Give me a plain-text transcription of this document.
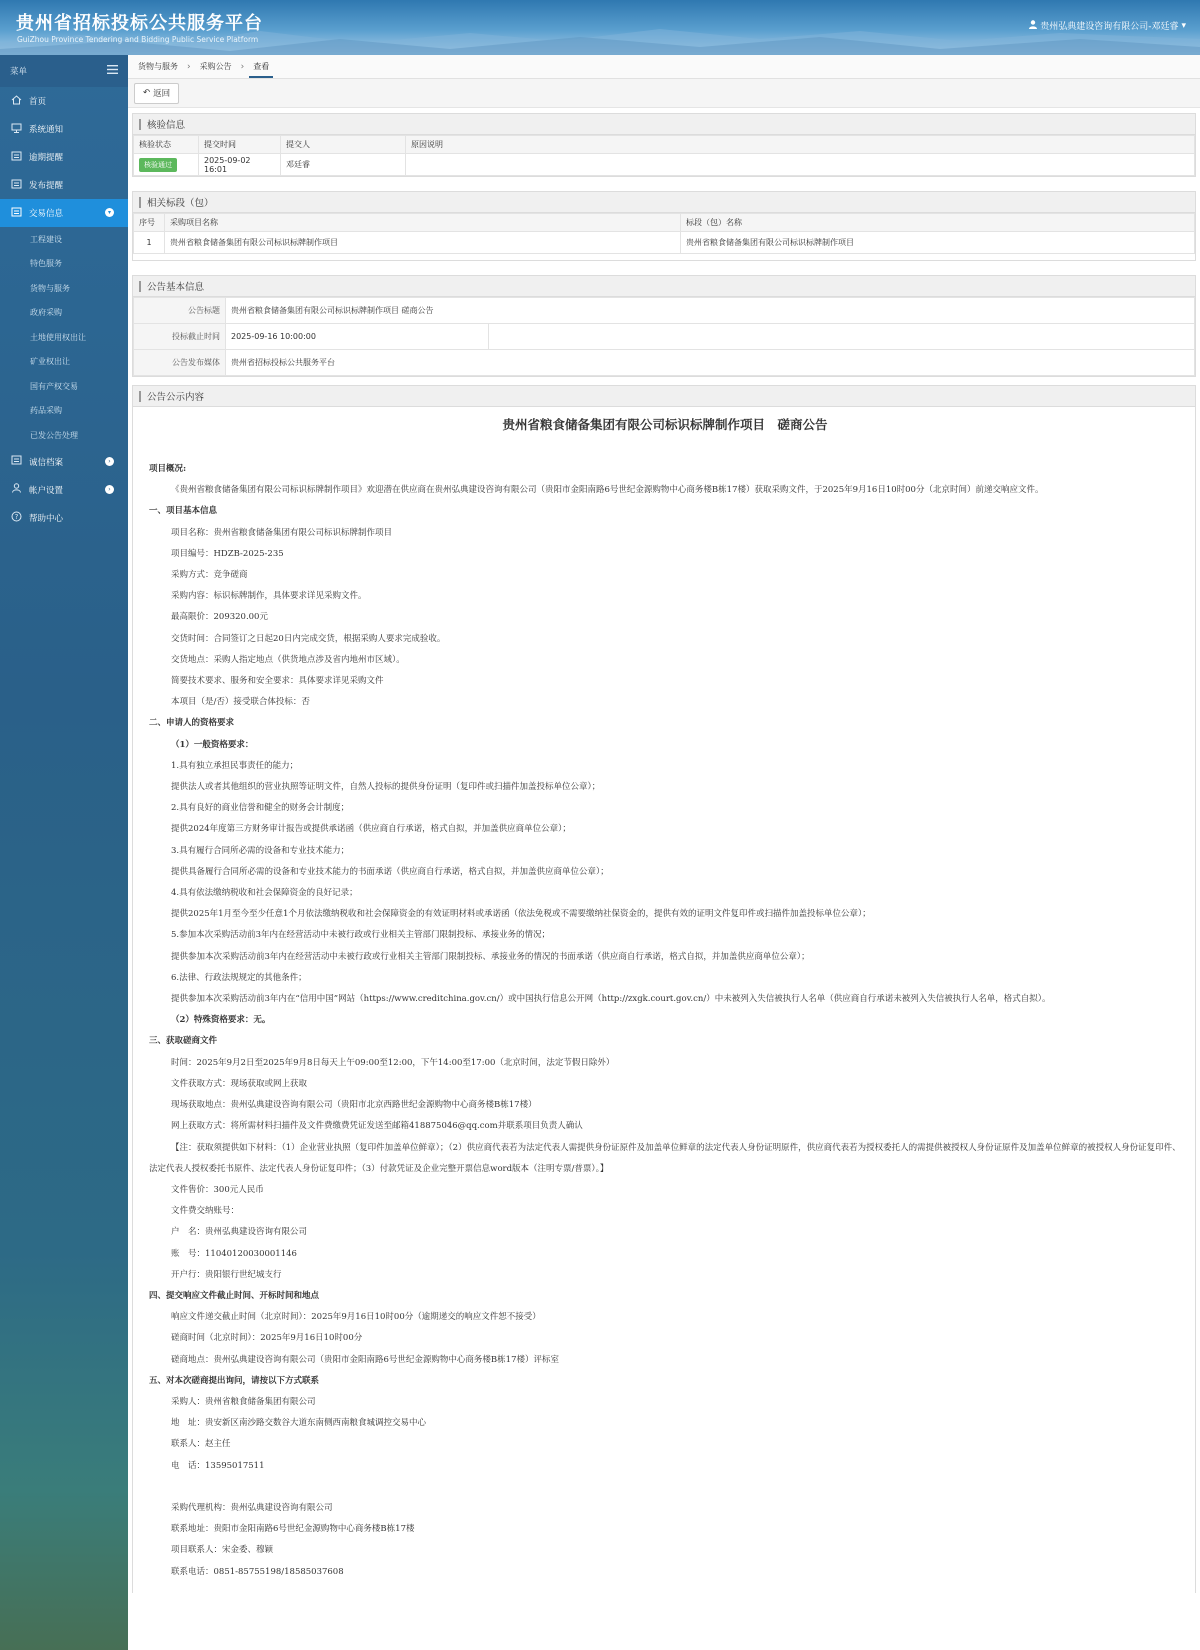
贵州省招标投标公共服务平台
GuiZhou Province Tendering and Bidding Public Service Platform
贵州弘典建设咨询有限公司-邓廷睿 ▾
菜单
首页
系统通知
逾期提醒
发布提醒
交易信息	▾
工程建设
特色服务
货物与服务
政府采购
土地使用权出让
矿业权出让
国有产权交易
药品采购
已发公告处理
诚信档案	›
帐户设置	›
? 帮助中心
货物与服务	›	采购公告	›	查看
↶ 返回
核验信息
核验状态	提交时间	提交人	原因说明
核验通过	2025-09-02 16:01	邓廷睿	
相关标段（包）
序号	采购项目名称	标段（包）名称
1	贵州省粮食储备集团有限公司标识标牌制作项目	贵州省粮食储备集团有限公司标识标牌制作项目
公告基本信息
公告标题	贵州省粮食储备集团有限公司标识标牌制作项目 磋商公告	
投标截止时间	2025-09-16 10:00:00	
公告发布媒体	贵州省招标投标公共服务平台	
公告公示内容
贵州省粮食储备集团有限公司标识标牌制作项目　磋商公告

项目概况:

《贵州省粮食储备集团有限公司标识标牌制作项目》欢迎潜在供应商在贵州弘典建设咨询有限公司（贵阳市金阳南路6号世纪金源购物中心商务楼B栋17楼）获取采购文件，于2025年9月16日10时00分（北京时间）前递交响应文件。

一、项目基本信息

项目名称：贵州省粮食储备集团有限公司标识标牌制作项目

项目编号：HDZB-2025-235

采购方式：竞争磋商

采购内容：标识标牌制作，具体要求详见采购文件。

最高限价：209320.00元

交货时间：合同签订之日起20日内完成交货，根据采购人要求完成验收。

交货地点：采购人指定地点（供货地点涉及省内地州市区域）。

简要技术要求、服务和安全要求：具体要求详见采购文件

本项目（是/否）接受联合体投标：否

二、申请人的资格要求

（1）一般资格要求：

1.具有独立承担民事责任的能力；

提供法人或者其他组织的营业执照等证明文件，自然人投标的提供身份证明（复印件或扫描件加盖投标单位公章）；

2.具有良好的商业信誉和健全的财务会计制度；

提供2024年度第三方财务审计报告或提供承诺函（供应商自行承诺，格式自拟，并加盖供应商单位公章）；

3.具有履行合同所必需的设备和专业技术能力；

提供具备履行合同所必需的设备和专业技术能力的书面承诺（供应商自行承诺，格式自拟，并加盖供应商单位公章）；

4.具有依法缴纳税收和社会保障资金的良好记录；

提供2025年1月至今至少任意1个月依法缴纳税收和社会保障资金的有效证明材料或承诺函（依法免税或不需要缴纳社保资金的，提供有效的证明文件复印件或扫描件加盖投标单位公章）；

5.参加本次采购活动前3年内在经营活动中未被行政或行业相关主管部门限制投标、承接业务的情况；

提供参加本次采购活动前3年内在经营活动中未被行政或行业相关主管部门限制投标、承接业务的情况的书面承诺（供应商自行承诺，格式自拟，并加盖供应商单位公章）；

6.法律、行政法规规定的其他条件；

提供参加本次采购活动前3年内在“信用中国”网站（https://www.creditchina.gov.cn/）或中国执行信息公开网（http://zxgk.court.gov.cn/）中未被列入失信被执行人名单（供应商自行承诺未被列入失信被执行人名单，格式自拟）。

（2）特殊资格要求：无。

三、获取磋商文件

时间：2025年9月2日至2025年9月8日每天上午09:00至12:00，下午14:00至17:00（北京时间，法定节假日除外）

文件获取方式：现场获取或网上获取

现场获取地点：贵州弘典建设咨询有限公司（贵阳市北京西路世纪金源购物中心商务楼B栋17楼）

网上获取方式：将所需材料扫描件及文件费缴费凭证发送至邮箱418875046@qq.com并联系项目负责人确认

【注：获取须提供如下材料：（1）企业营业执照（复印件加盖单位鲜章）；（2）供应商代表若为法定代表人需提供身份证原件及加盖单位鲜章的法定代表人身份证明原件，供应商代表若为授权委托人的需提供被授权人身份证原件及加盖单位鲜章的被授权人身份证复印件、法定代表人授权委托书原件、法定代表人身份证复印件；（3）付款凭证及企业完整开票信息word版本（注明专票/普票）。】

文件售价：300元人民币

文件费交纳账号：

户　名：贵州弘典建设咨询有限公司

账　号：11040120030001146

开户行：贵阳银行世纪城支行

四、提交响应文件截止时间、开标时间和地点

响应文件递交截止时间（北京时间）：2025年9月16日10时00分（逾期递交的响应文件恕不接受）

磋商时间（北京时间）：2025年9月16日10时00分

磋商地点：贵州弘典建设咨询有限公司（贵阳市金阳南路6号世纪金源购物中心商务楼B栋17楼）评标室

五、对本次磋商提出询问，请按以下方式联系

采购人：贵州省粮食储备集团有限公司

地　址：贵安新区南沙路交数谷大道东南侧西南粮食城调控交易中心

联系人：赵主任

电　话：13595017511

采购代理机构：贵州弘典建设咨询有限公司

联系地址：贵阳市金阳南路6号世纪金源购物中心商务楼B栋17楼

项目联系人：宋金委、穆颖

联系电话：0851-85755198/18585037608
